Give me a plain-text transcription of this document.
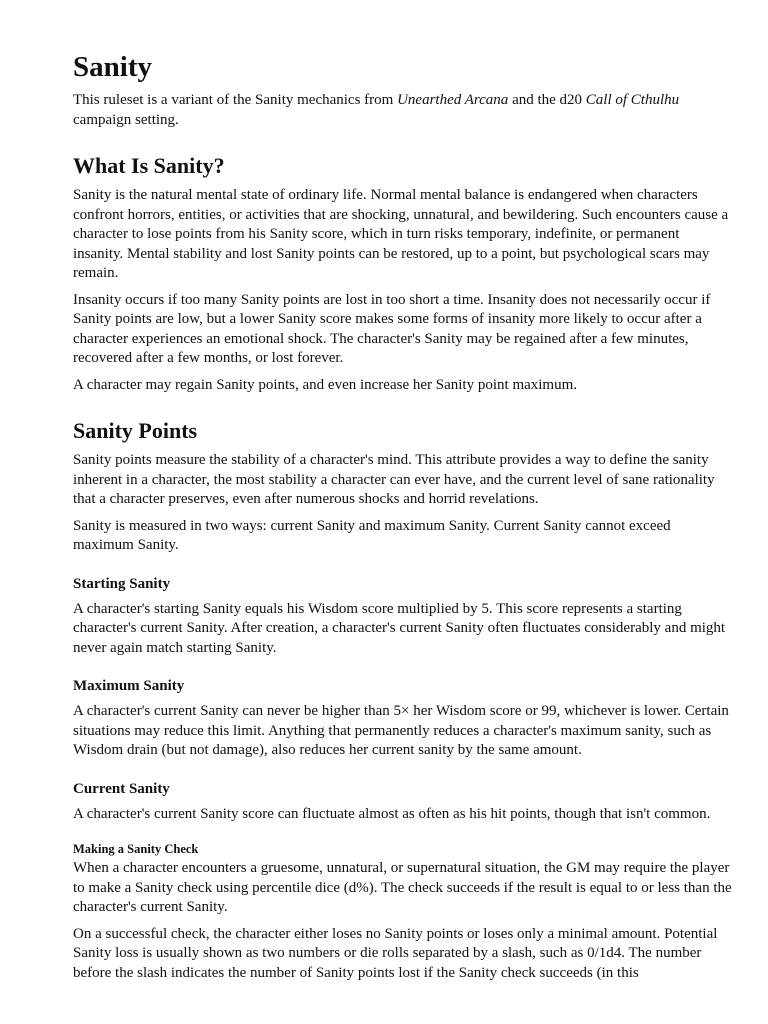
Sanity

This ruleset is a variant of the Sanity mechanics from Unearthed Arcana and the d20 Call of Cthulhu campaign setting.

What Is Sanity?

Sanity is the natural mental state of ordinary life. Normal mental balance is endangered when characters confront horrors, entities, or activities that are shocking, unnatural, and bewildering. Such encounters cause a character to lose points from his Sanity score, which in turn risks temporary, indefinite, or permanent insanity. Mental stability and lost Sanity points can be restored, up to a point, but psychological scars may remain.

Insanity occurs if too many Sanity points are lost in too short a time. Insanity does not necessarily occur if Sanity points are low, but a lower Sanity score makes some forms of insanity more likely to occur after a character experiences an emotional shock. The character's Sanity may be regained after a few minutes, recovered after a few months, or lost forever.

A character may regain Sanity points, and even increase her Sanity point maximum.

Sanity Points

Sanity points measure the stability of a character's mind. This attribute provides a way to define the sanity inherent in a character, the most stability a character can ever have, and the current level of sane rationality that a character preserves, even after numerous shocks and horrid revelations.

Sanity is measured in two ways: current Sanity and maximum Sanity. Current Sanity cannot exceed maximum Sanity.

Starting Sanity

A character's starting Sanity equals his Wisdom score multiplied by 5. This score represents a starting character's current Sanity. After creation, a character's current Sanity often fluctuates considerably and might never again match starting Sanity.

Maximum Sanity

A character's current Sanity can never be higher than 5× her Wisdom score or 99, whichever is lower. Certain situations may reduce this limit. Anything that permanently reduces a character's maximum sanity, such as Wisdom drain (but not damage), also reduces her current sanity by the same amount.

Current Sanity

A character's current Sanity score can fluctuate almost as often as his hit points, though that isn't common.

Making a Sanity Check

When a character encounters a gruesome, unnatural, or supernatural situation, the GM may require the player to make a Sanity check using percentile dice (d%). The check succeeds if the result is equal to or less than the character's current Sanity.

On a successful check, the character either loses no Sanity points or loses only a minimal amount. Potential Sanity loss is usually shown as two numbers or die rolls separated by a slash, such as 0/1d4. The number before the slash indicates the number of Sanity points lost if the Sanity check succeeds (in this
